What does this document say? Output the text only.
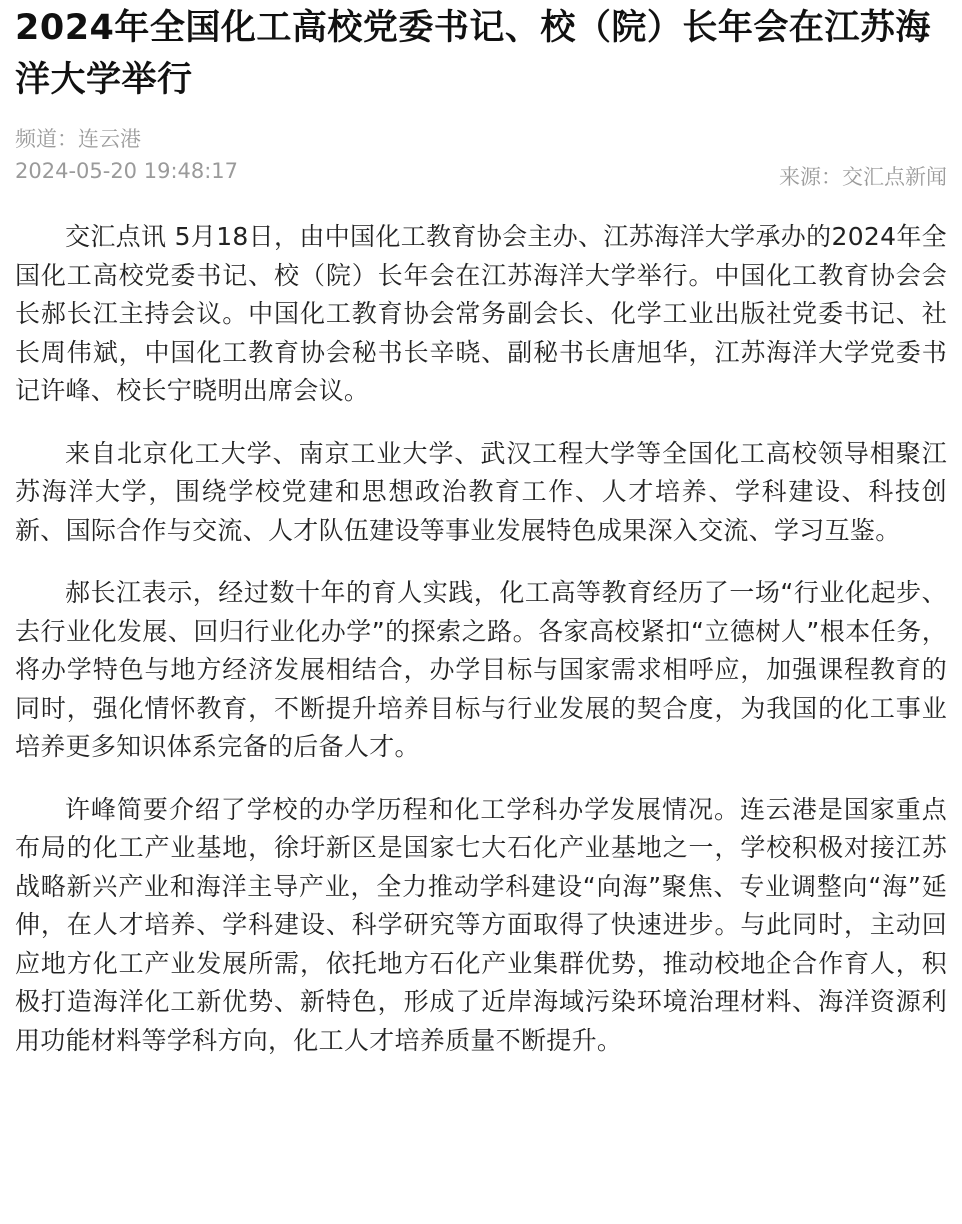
2024年全国化工高校党委书记、校（院）长年会在江苏海洋大学举行
频道：连云港
2024-05-20 19:48:17	来源：交汇点新闻

交汇点讯 5月18日，由中国化工教育协会主办、江苏海洋大学承办的2024年全国化工高校党委书记、校（院）长年会在江苏海洋大学举行。中国化工教育协会会长郝长江主持会议。中国化工教育协会常务副会长、化学工业出版社党委书记、社长周伟斌，中国化工教育协会秘书长辛晓、副秘书长唐旭华，江苏海洋大学党委书记许峰、校长宁晓明出席会议。

来自北京化工大学、南京工业大学、武汉工程大学等全国化工高校领导相聚江苏海洋大学，围绕学校党建和思想政治教育工作、人才培养、学科建设、科技创新、国际合作与交流、人才队伍建设等事业发展特色成果深入交流、学习互鉴。

郝长江表示，经过数十年的育人实践，化工高等教育经历了一场“行业化起步、去行业化发展、回归行业化办学”的探索之路。各家高校紧扣“立德树人”根本任务，将办学特色与地方经济发展相结合，办学目标与国家需求相呼应，加强课程教育的同时，强化情怀教育，不断提升培养目标与行业发展的契合度，为我国的化工事业培养更多知识体系完备的后备人才。

许峰简要介绍了学校的办学历程和化工学科办学发展情况。连云港是国家重点布局的化工产业基地，徐圩新区是国家七大石化产业基地之一，学校积极对接江苏战略新兴产业和海洋主导产业，全力推动学科建设“向海”聚焦、专业调整向“海”延伸，在人才培养、学科建设、科学研究等方面取得了快速进步。与此同时，主动回应地方化工产业发展所需，依托地方石化产业集群优势，推动校地企合作育人，积极打造海洋化工新优势、新特色，形成了近岸海域污染环境治理材料、海洋资源利用功能材料等学科方向，化工人才培养质量不断提升。
